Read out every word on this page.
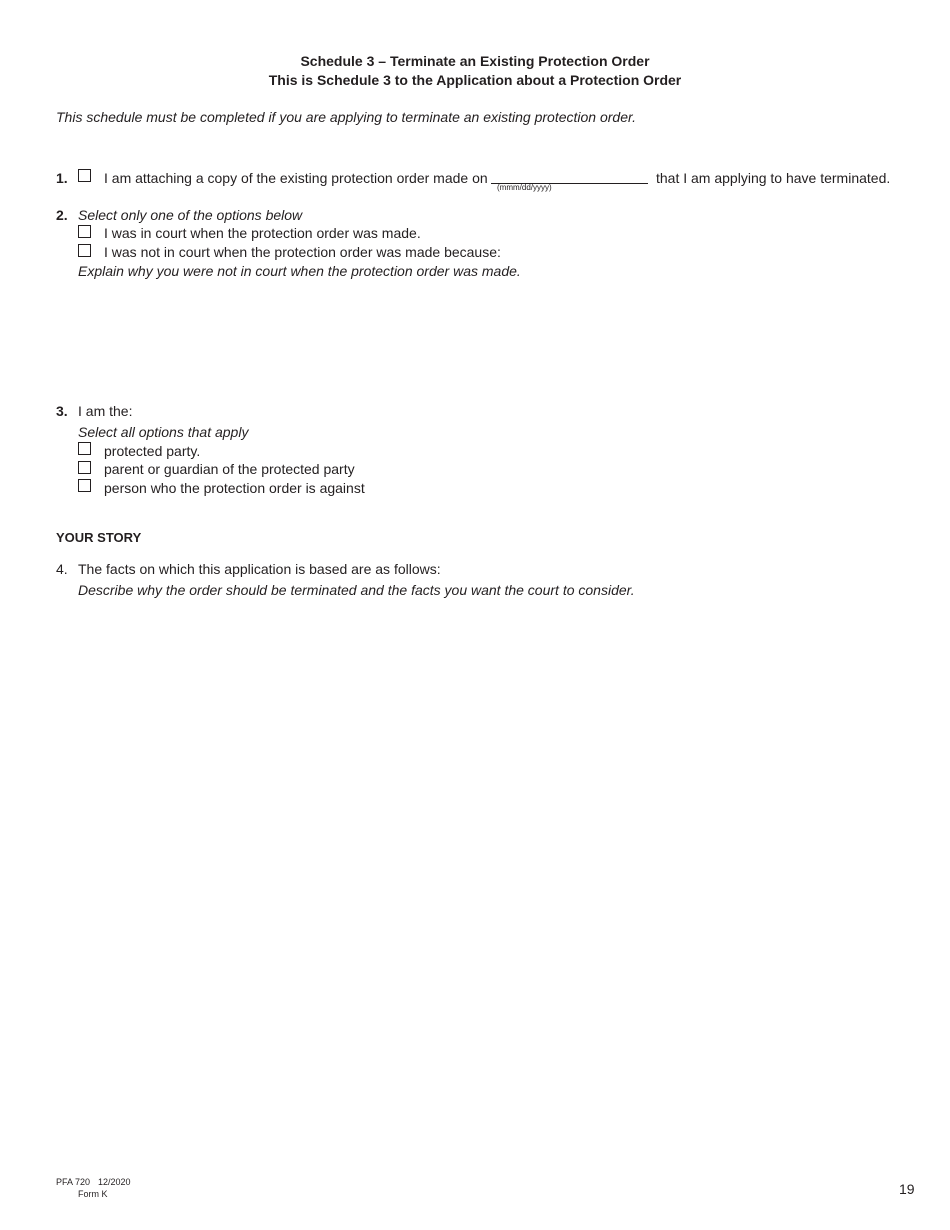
Schedule 3 – Terminate an Existing Protection Order
This is Schedule 3 to the Application about a Protection Order
This schedule must be completed if you are applying to terminate an existing protection order.
1.	I am attaching a copy of the existing protection order made on
(mmm/dd/yyyy)
that I am applying to have terminated.
2. Select only one of the options below
I was in court when the protection order was made.
I was not in court when the protection order was made because:
Explain why you were not in court when the protection order was made.
3. I am the:
Select all options that apply
protected party.
parent or guardian of the protected party
person who the protection order is against
YOUR STORY
4. The facts on which this application is based are as follows:
Describe why the order should be terminated and the facts you want the court to consider.
PFA 720 12/2020
Form K	19
